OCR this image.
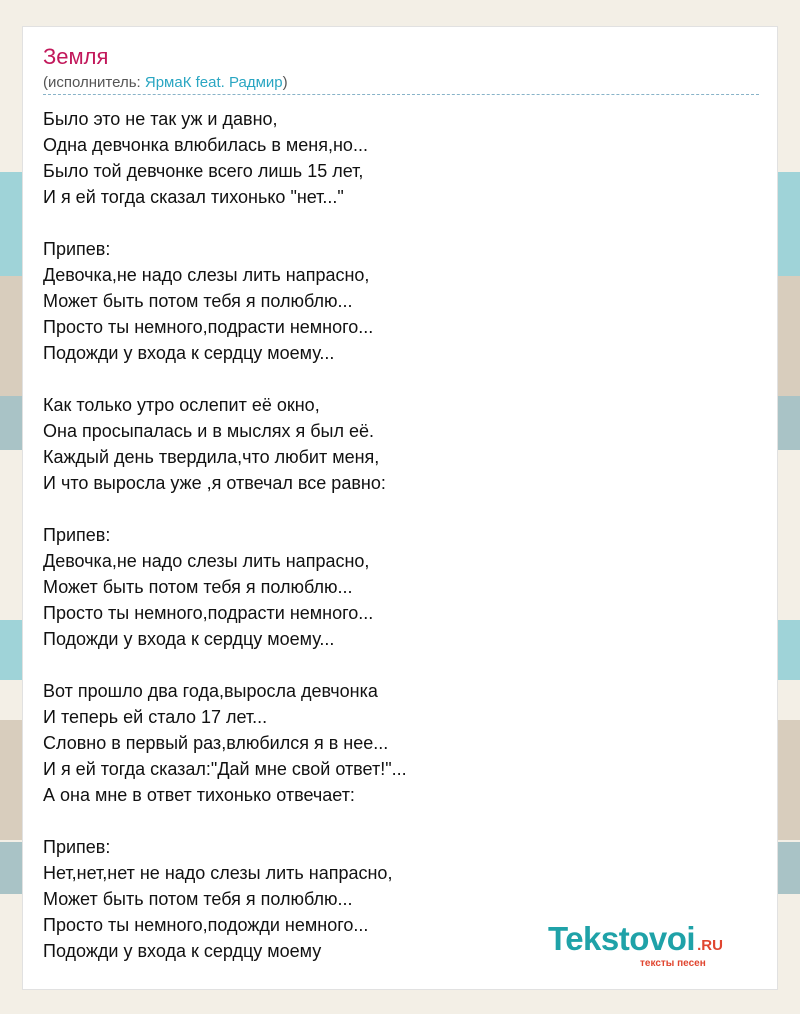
Земля
(исполнитель: ЯрмаК feat. Радмир)
Было это не так уж и давно,
Одна девчонка влюбилась в меня,но...
Было той девчонке всего лишь 15 лет,
И я ей тогда сказал тихонько "нет..."
Припев:
Девочка,не надо слезы лить напрасно,
Может быть потом тебя я полюблю...
Просто ты немного,подрасти немного...
Подожди у входа к сердцу моему...
Как только утро ослепит её окно,
Она просыпалась и в мыслях я был её.
Каждый день твердила,что любит меня,
И что выросла уже ,я отвечал все равно:
Припев:
Девочка,не надо слезы лить напрасно,
Может быть потом тебя я полюблю...
Просто ты немного,подрасти немного...
Подожди у входа к сердцу моему...
Вот прошло два года,выросла девчонка
И теперь ей стало 17 лет...
Словно в первый раз,влюбился я в нее...
И я ей тогда сказал:"Дай мне свой ответ!"...
А она мне в ответ тихонько отвечает:
Припев:
Нет,нет,нет не надо слезы лить напрасно,
Может быть потом тебя я полюблю...
Просто ты немного,подожди немного...
Подожди у входа к сердцу моему	Tekstovoi .RU
тексты песен
